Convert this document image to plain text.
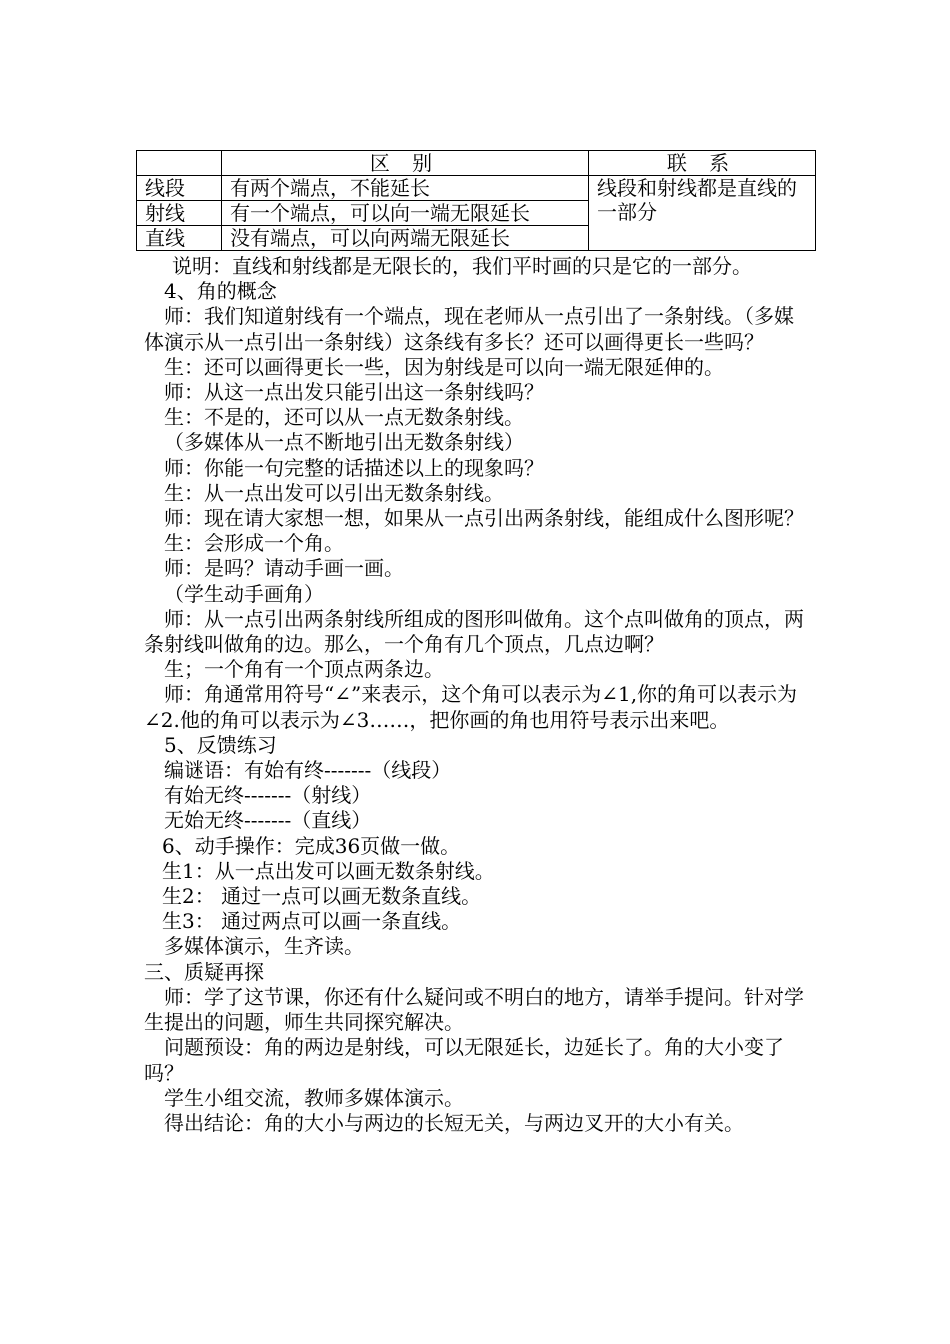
	区 别	联 系
线段	有两个端点，不能延长	线段和射线都是直线的一部分
射线	有一个端点，可以向一端无限延长	
直线	没有端点，可以向两端无限延长	

说明：直线和射线都是无限长的，我们平时画的只是它的一部分。

4、角的概念

师：我们知道射线有一个端点，现在老师从一点引出了一条射线。（多媒体演示从一点引出一条射线）这条线有多长？还可以画得更长一些吗？

生：还可以画得更长一些，因为射线是可以向一端无限延伸的。

师：从这一点出发只能引出这一条射线吗？

生：不是的，还可以从一点无数条射线。

（多媒体从一点不断地引出无数条射线）

师：你能一句完整的话描述以上的现象吗？

生：从一点出发可以引出无数条射线。

师：现在请大家想一想，如果从一点引出两条射线，能组成什么图形呢？

生：会形成一个角。

师：是吗？请动手画一画。

（学生动手画角）

师：从一点引出两条射线所组成的图形叫做角。这个点叫做角的顶点，两条射线叫做角的边。那么，一个角有几个顶点，几点边啊？

生；一个角有一个顶点两条边。

师：角通常用符号“∠”来表示，这个角可以表示为∠1,你的角可以表示为∠2.他的角可以表示为∠3……，把你画的角也用符号表示出来吧。

5、反馈练习

编谜语：有始有终-------（线段）

有始无终-------（射线）

无始无终-------（直线）

6、动手操作：完成36页做一做。

生1：从一点出发可以画无数条射线。

生2： 通过一点可以画无数条直线。

生3： 通过两点可以画一条直线。

多媒体演示，生齐读。

三、质疑再探

师：学了这节课，你还有什么疑问或不明白的地方，请举手提问。针对学生提出的问题，师生共同探究解决。

问题预设：角的两边是射线，可以无限延长，边延长了。角的大小变了吗？

学生小组交流，教师多媒体演示。

得出结论：角的大小与两边的长短无关，与两边叉开的大小有关。
